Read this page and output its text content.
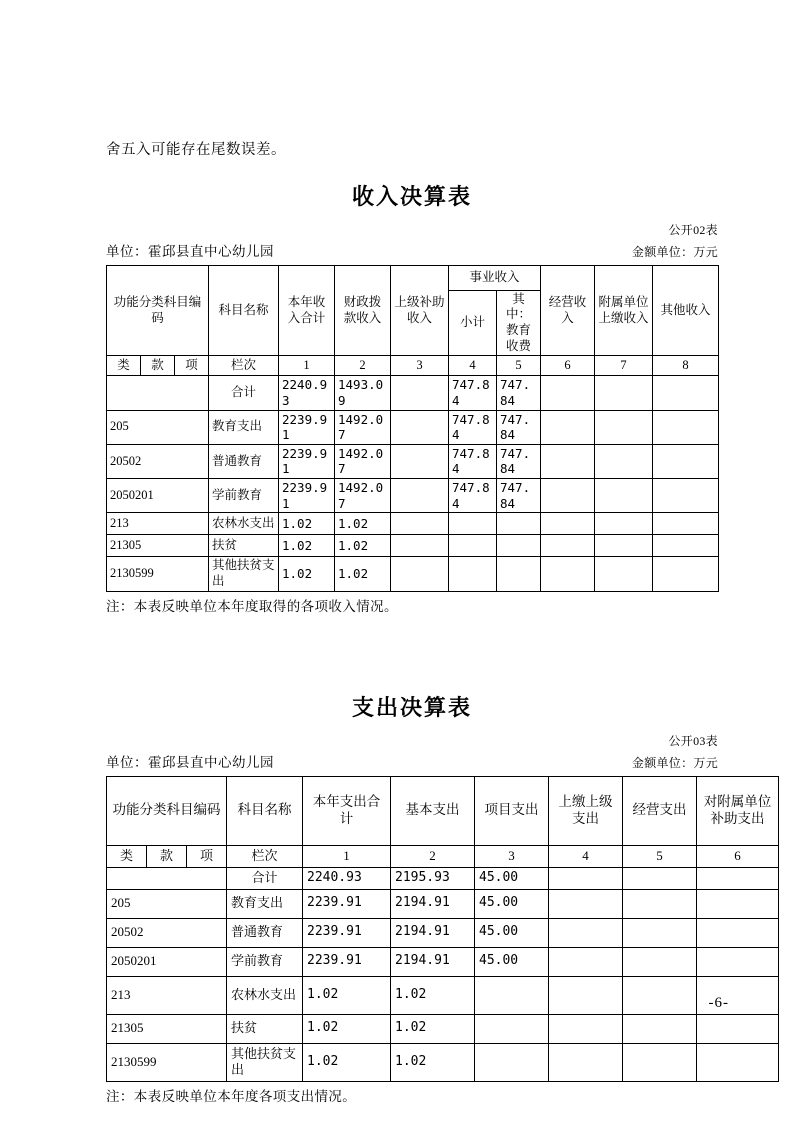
舍五入可能存在尾数误差。
收入决算表
公开02表
单位：霍邱县直中心幼儿园	金额单位：万元
功能分类科目编码			科目名称	本年收入合计	财政拨款收入	上级补助收入	事业收入		经营收入	附属单位上缴收入	其他收入
							小计	其中：教育收费			
类	款	项	栏次	1	2	3	4	5	6	7	8
			合计	2240.93	1493.09		747.84	747.84			
205			教育支出	2239.91	1492.07		747.84	747.84			
20502			普通教育	2239.91	1492.07		747.84	747.84			
2050201			学前教育	2239.91	1492.07		747.84	747.84			
213			农林水支出	1.02	1.02						
21305			扶贫	1.02	1.02						
2130599			其他扶贫支出	1.02	1.02						
注：本表反映单位本年度取得的各项收入情况。
支出决算表
公开03表
单位：霍邱县直中心幼儿园	金额单位：万元
功能分类科目编码			科目名称	本年支出合计	基本支出	项目支出	上缴上级支出	经营支出	对附属单位补助支出
类	款	项	栏次	1	2	3	4	5	6
			合计	2240.93	2195.93	45.00			
205			教育支出	2239.91	2194.91	45.00			
20502			普通教育	2239.91	2194.91	45.00			
2050201			学前教育	2239.91	2194.91	45.00			
213			农林水支出	1.02	1.02				
21305			扶贫	1.02	1.02				
2130599			其他扶贫支出	1.02	1.02				
注：本表反映单位本年度各项支出情况。
-6-
